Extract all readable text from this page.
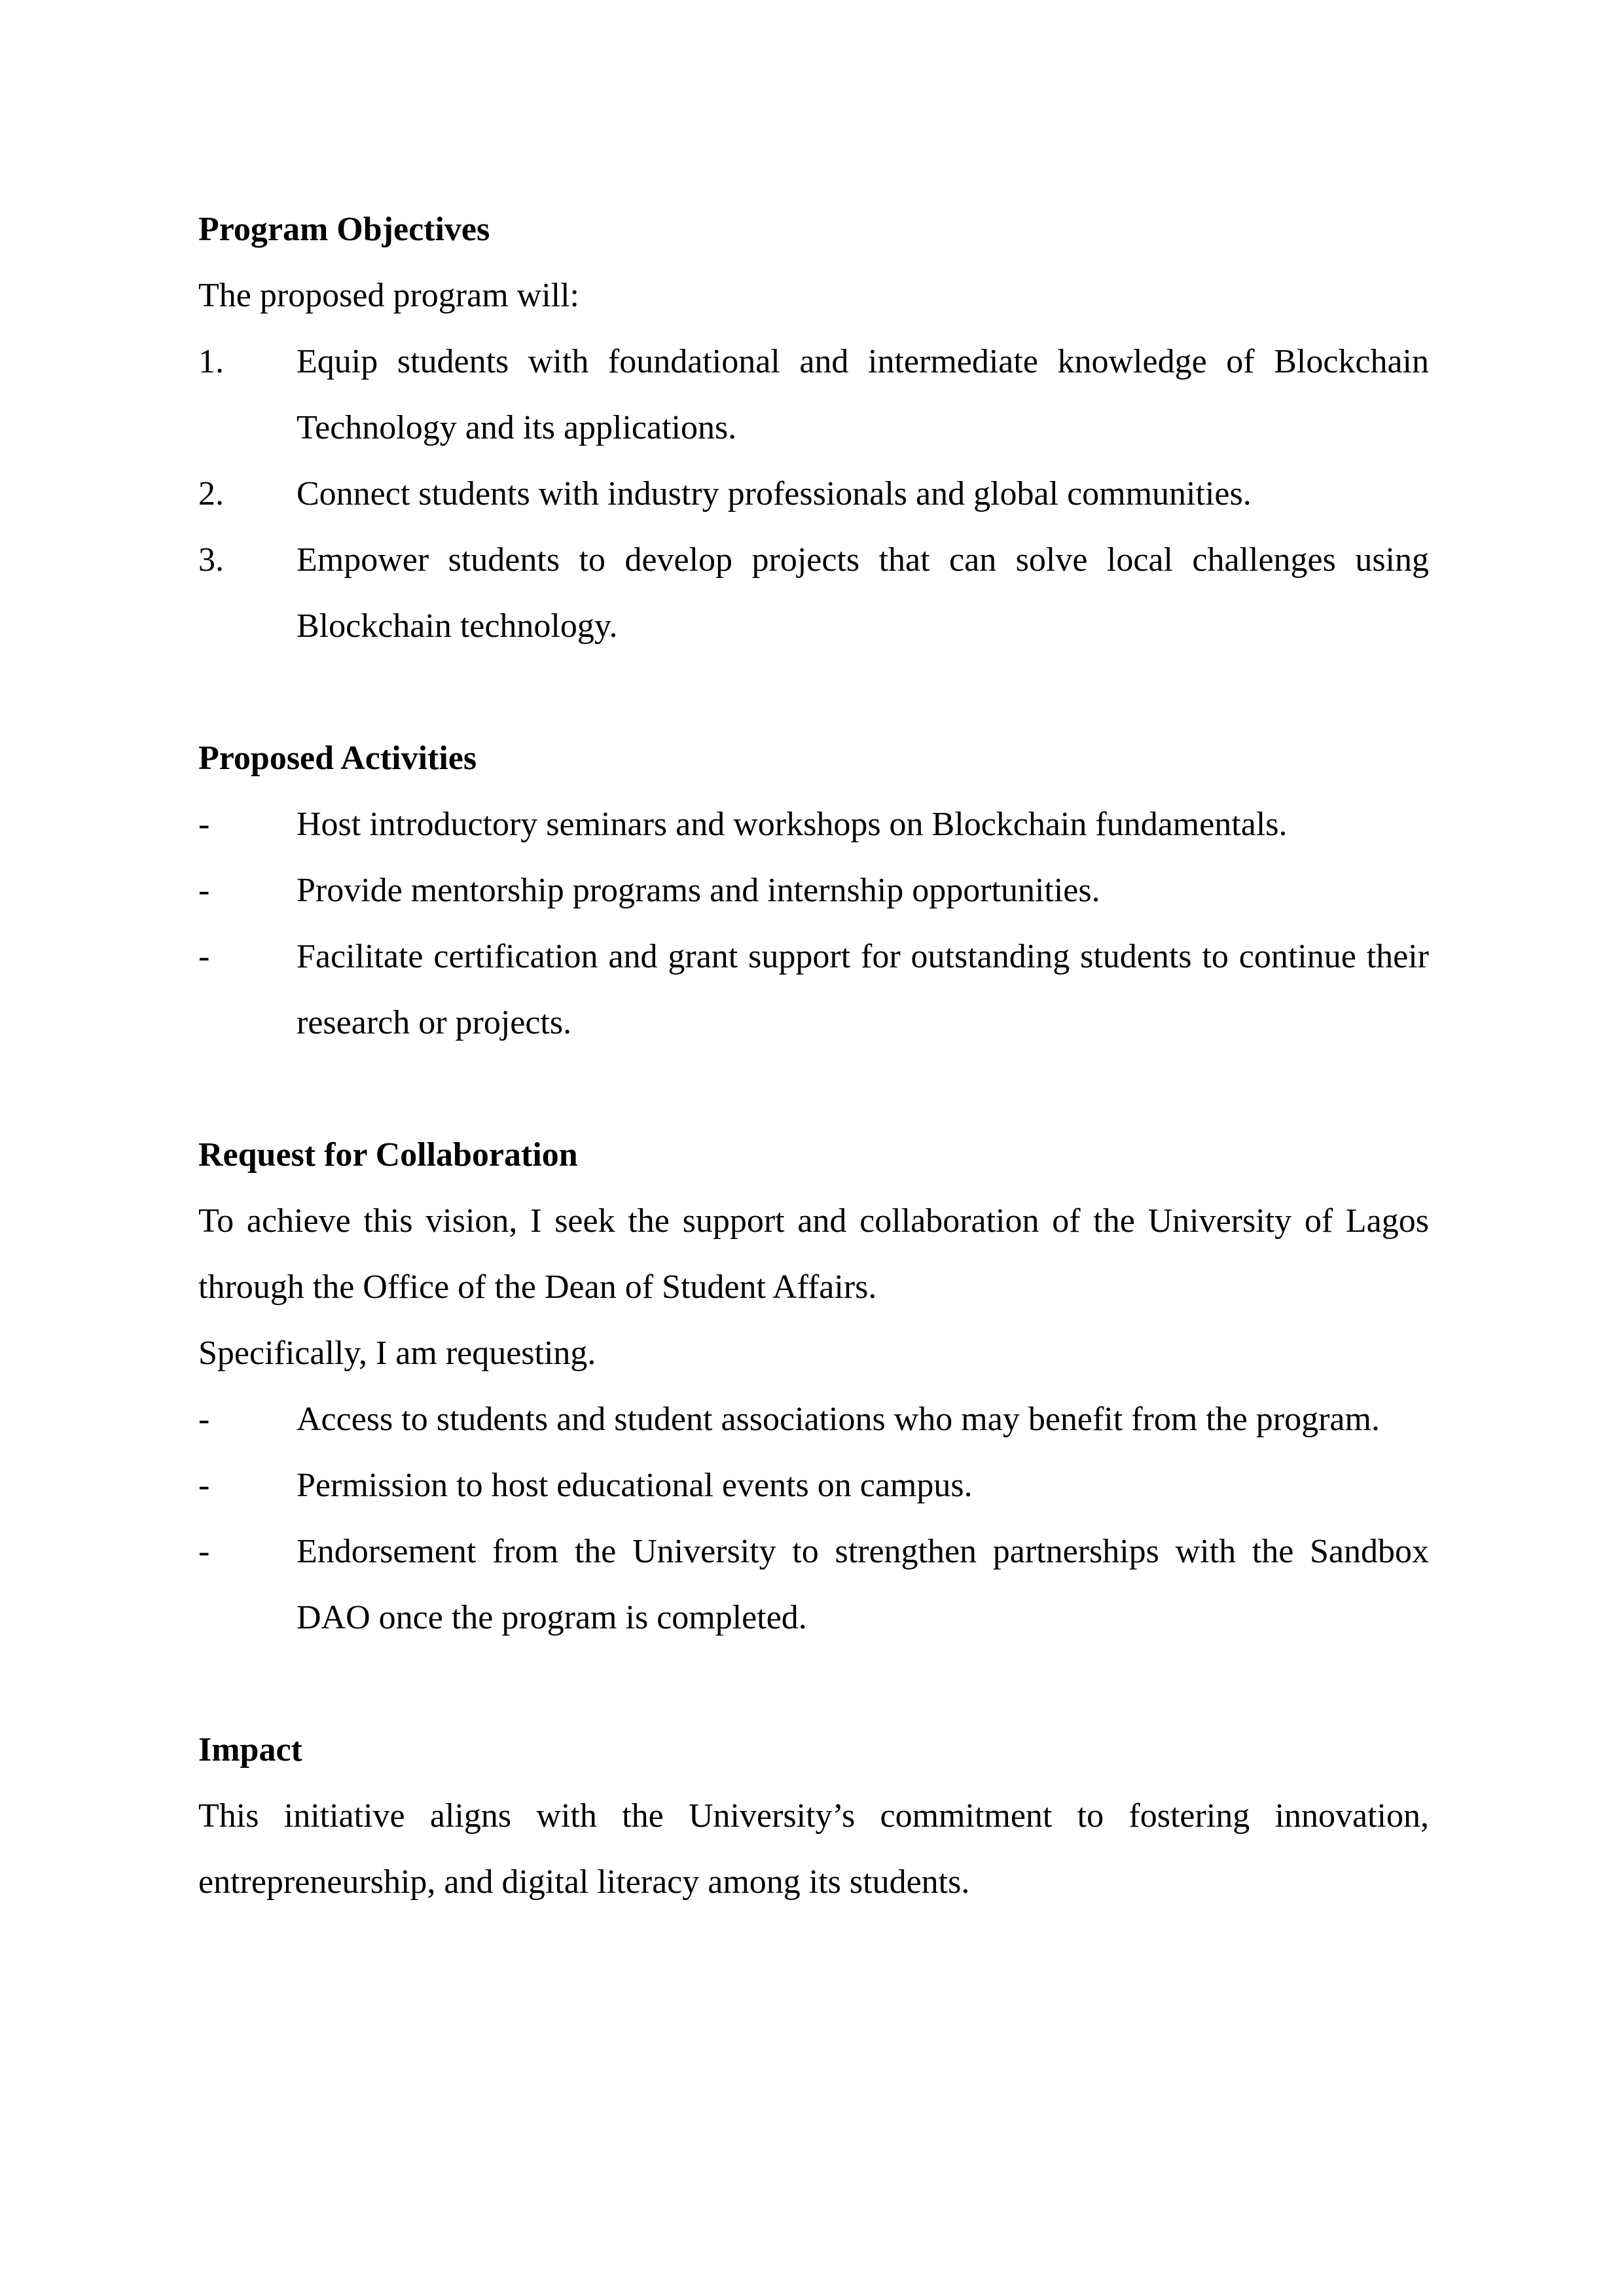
Program Objectives

The proposed program will:

1.	Equip students with foundational and intermediate knowledge of Blockchain Technology and its applications.
2.	Connect students with industry professionals and global communities.
3.	Empower students to develop projects that can solve local challenges using Blockchain technology.

Proposed Activities

-	Host introductory seminars and workshops on Blockchain fundamentals.
-	Provide mentorship programs and internship opportunities.
-	Facilitate certification and grant support for outstanding students to continue their research or projects.

Request for Collaboration

To achieve this vision, I seek the support and collaboration of the University of Lagos through the Office of the Dean of Student Affairs.

Specifically, I am requesting.

-	Access to students and student associations who may benefit from the program.
-	Permission to host educational events on campus.
-	Endorsement from the University to strengthen partnerships with the Sandbox DAO once the program is completed.

Impact

This initiative aligns with the University’s commitment to fostering innovation, entrepreneurship, and digital literacy among its students.
